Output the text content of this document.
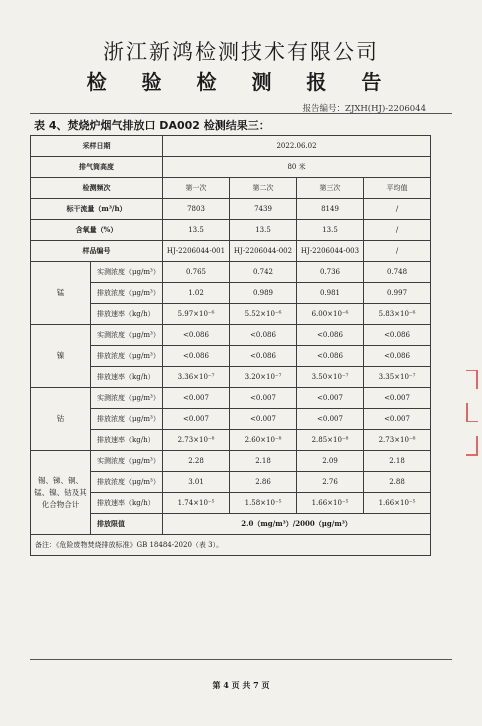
浙江新鸿检测技术有限公司
检 验 检 测 报 告
报告编号：ZJXH(HJ)-2206044
表 4、焚烧炉烟气排放口 DA002 检测结果三：
采样日期		2022.06.02			
排气筒高度		80 米			
检测频次		第一次	第二次	第三次	平均值
标干流量（m³/h）		7803	7439	8149	/
含氧量（%）		13.5	13.5	13.5	/
样品编号		HJ-2206044-001	HJ-2206044-002	HJ-2206044-003	/
锰	实测浓度（μg/m³）	0.765	0.742	0.736	0.748
	排放浓度（μg/m³）	1.02	0.989	0.981	0.997
	排放速率（kg/h）	5.97×10⁻⁶	5.52×10⁻⁶	6.00×10⁻⁶	5.83×10⁻⁶
镍	实测浓度（μg/m³）	<0.086	<0.086	<0.086	<0.086
	排放浓度（μg/m³）	<0.086	<0.086	<0.086	<0.086
	排放速率（kg/h）	3.36×10⁻⁷	3.20×10⁻⁷	3.50×10⁻⁷	3.35×10⁻⁷
钴	实测浓度（μg/m³）	<0.007	<0.007	<0.007	<0.007
	排放浓度（μg/m³）	<0.007	<0.007	<0.007	<0.007
	排放速率（kg/h）	2.73×10⁻⁸	2.60×10⁻⁸	2.85×10⁻⁸	2.73×10⁻⁸
锡、锑、铜、锰、镍、钴及其化合物合计	实测浓度（μg/m³）	2.28	2.18	2.09	2.18
	排放浓度（μg/m³）	3.01	2.86	2.76	2.88
	排放速率（kg/h）	1.74×10⁻⁵	1.58×10⁻⁵	1.66×10⁻⁵	1.66×10⁻⁵
	排放限值	2.0（mg/m³）/2000（μg/m³）			
备注：《危险废物焚烧排放标准》GB 18484-2020（表 3）。					
第 4 页 共 7 页
